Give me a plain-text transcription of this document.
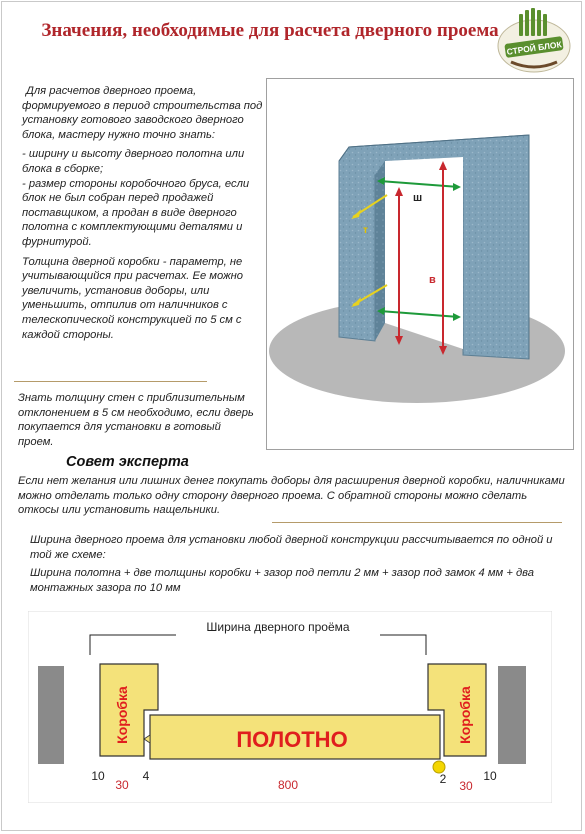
Значения, необходимые для расчета дверного проема
СТРОЙ БЛОК

Для расчетов дверного проема, формируемого в период строительства под установку готового заводского дверного блока, мастеру нужно точно знать:

- ширину и высоту дверного полотна или блока в сборке;

- размер стороны коробочного бруса, если блок не был собран перед продажей поставщиком, а продан в виде дверного полотна с комплектующими деталями и фурнитурой.

Толщина дверной коробки - параметр, не учитывающийся при расчетах. Ее можно увеличить, установив доборы, или уменьшить, отпилив от наличников с телескопической конструкцией по 5 см с каждой стороны.

Знать толщину стен с приблизительным отклонением в 5 см необходимо, если дверь покупается для установки в готовый проем.
ш
в
т
Совет эксперта
Если нет желания или лишних денег покупать доборы для расширения дверной коробки, наличниками можно отделать только одну сторону дверного проема. С обратной стороны можно сделать откосы или установить нащельники.

Ширина дверного проема для установки любой дверной конструкции рассчитывается по одной и той же схеме:

Ширина полотна + две толщины коробки + зазор под петли 2 мм + зазор под замок 4 мм + два монтажных зазора по 10 мм

Ширина дверного проёма
Коробка	Коробка
ПОЛОТНО
10
30
4
800	2 30
10
